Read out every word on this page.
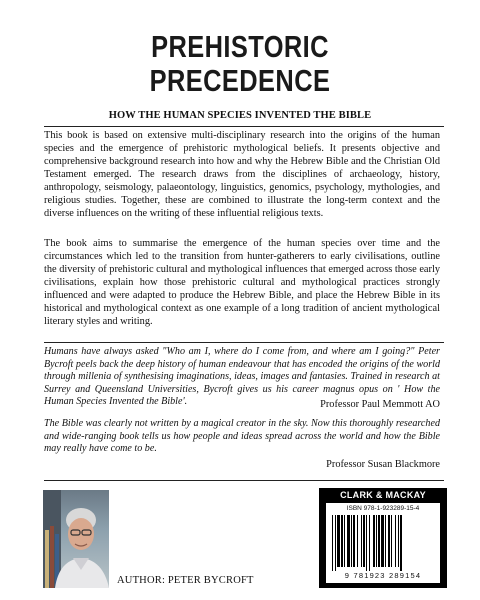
PREHISTORIC
PRECEDENCE
HOW THE HUMAN SPECIES INVENTED THE BIBLE

This book is based on extensive multi-disciplinary research into the origins of the human species and the emergence of prehistoric mythological beliefs. It presents objective and comprehensive background research into how and why the Hebrew Bible and the Christian Old Testament emerged. The research draws from the disciplines of archaeology, history, anthropology, seismology, palaeontology, linguistics, genomics, psychology, mythologies, and religious studies. Together, these are combined to illustrate the long-term context and the diverse influences on the writing of these influential religious texts.

The book aims to summarise the emergence of the human species over time and the circumstances which led to the transition from hunter-gatherers to early civilisations, outline the diversity of prehistoric cultural and mythological influences that emerged across those early civilisations, explain how those prehistoric cultural and mythological practices strongly influenced and were adapted to produce the Hebrew Bible, and place the Hebrew Bible in its historical and mythological context as one example of a long tradition of ancient mythological literary styles and writing.

Humans have always asked "Who am I, where do I come from, and where am I going?" Peter Bycroft peels back the deep history of human endeavour that has encoded the origins of the world through millenia of synthesising imaginations, ideas, images and fantasies. Trained in research at Surrey and Queensland Universities, Bycroft gives us his career magnus opus on ' How the Human Species Invented the Bible'.	Professor Paul Memmott AO

The Bible was clearly not written by a magical creator in the sky. Now this thoroughly researched and wide-ranging book tells us how people and ideas spread across the world and how the Bible may really have come to be.

Professor Susan Blackmore
AUTHOR: PETER BYCROFT
CLARK & MACKAY
ISBN 978-1-923289-15-4
9 781923 289154
